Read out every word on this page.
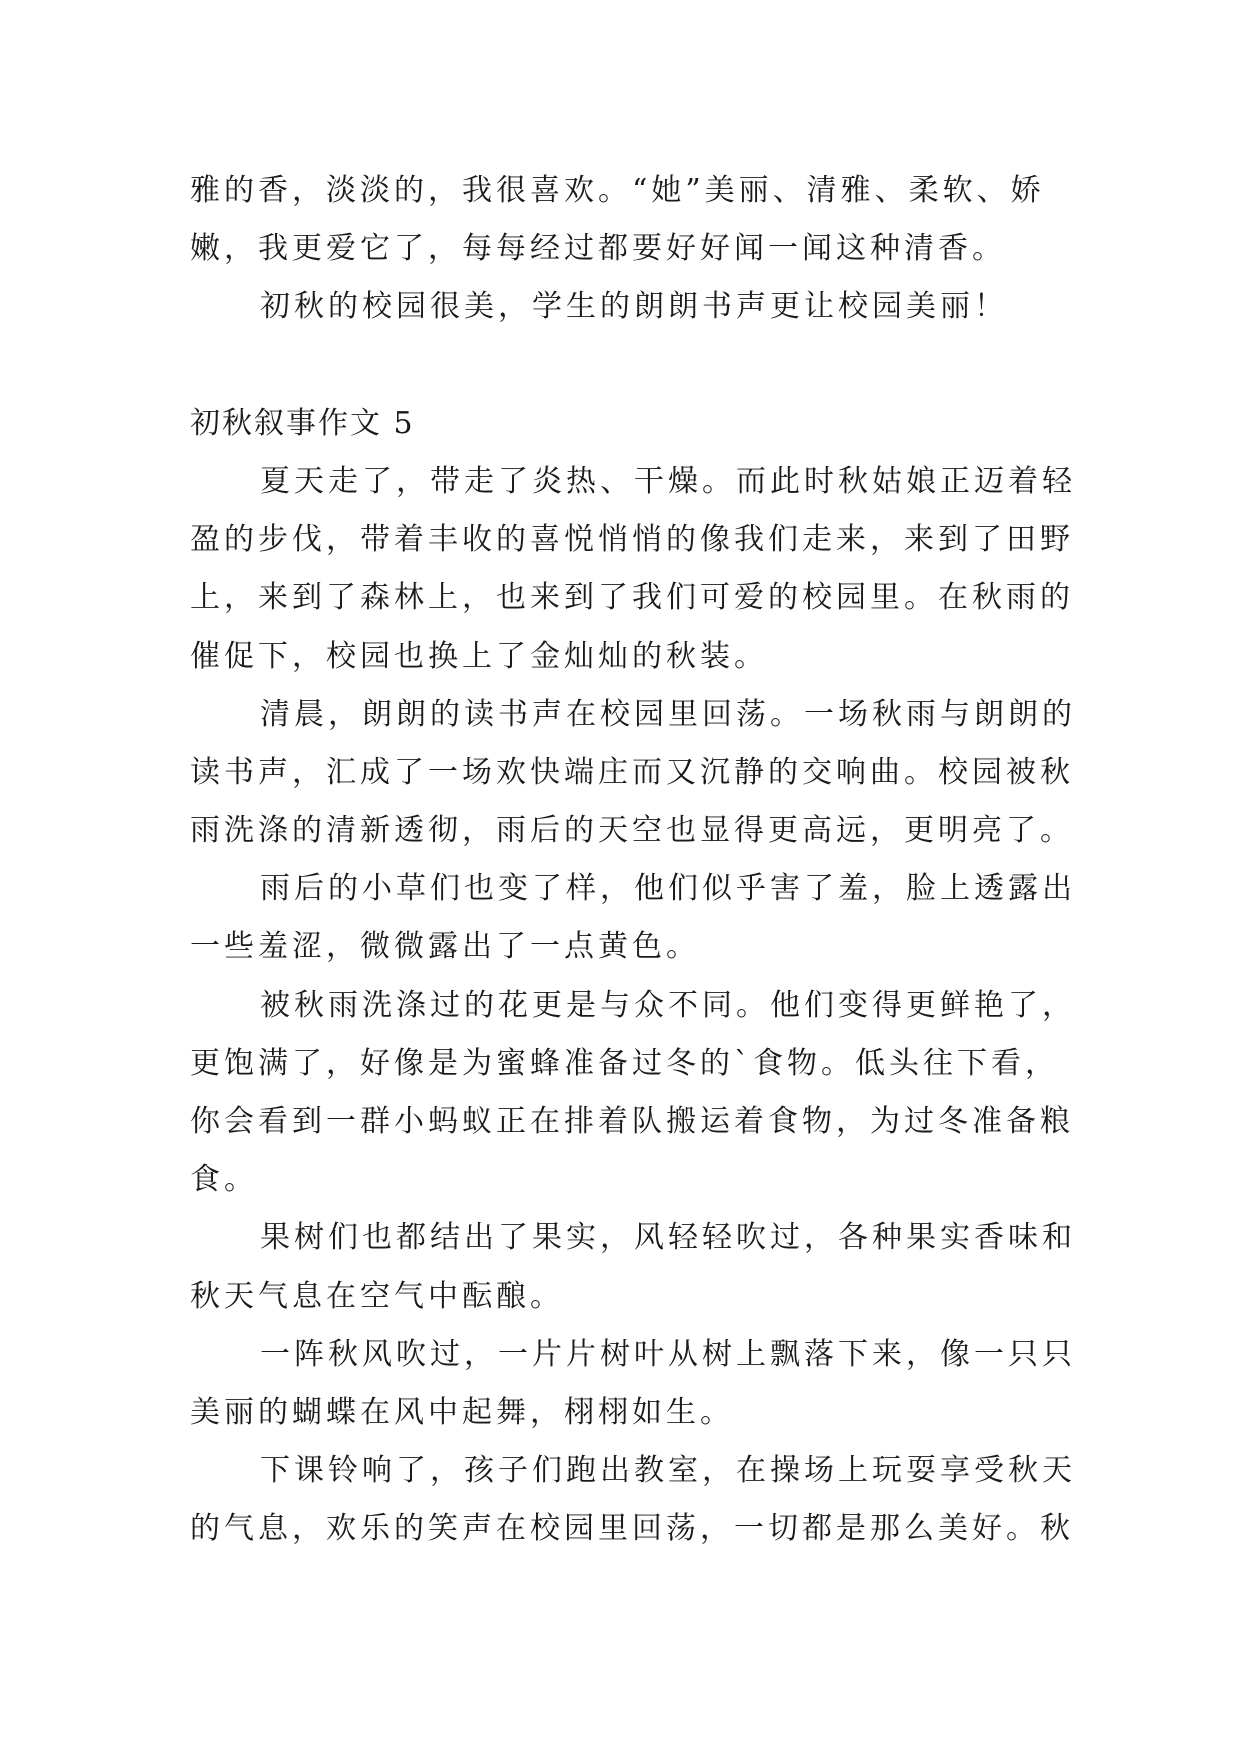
雅的香，淡淡的，我很喜欢。“她”美丽、清雅、柔软、娇
嫩，我更爱它了，每每经过都要好好闻一闻这种清香。
初秋的校园很美，学生的朗朗书声更让校园美丽！
初秋叙事作文 5
夏天走了，带走了炎热、干燥。而此时秋姑娘正迈着轻
盈的步伐，带着丰收的喜悦悄悄的像我们走来，来到了田野
上，来到了森林上，也来到了我们可爱的校园里。在秋雨的
催促下，校园也换上了金灿灿的秋装。
清晨，朗朗的读书声在校园里回荡。一场秋雨与朗朗的
读书声，汇成了一场欢快端庄而又沉静的交响曲。校园被秋
雨洗涤的清新透彻，雨后的天空也显得更高远，更明亮了。
雨后的小草们也变了样，他们似乎害了羞，脸上透露出
一些羞涩，微微露出了一点黄色。
被秋雨洗涤过的花更是与众不同。他们变得更鲜艳了，
更饱满了，好像是为蜜蜂准备过冬的`食物。低头往下看，
你会看到一群小蚂蚁正在排着队搬运着食物，为过冬准备粮
食。
果树们也都结出了果实，风轻轻吹过，各种果实香味和
秋天气息在空气中酝酿。
一阵秋风吹过，一片片树叶从树上飘落下来，像一只只
美丽的蝴蝶在风中起舞，栩栩如生。
下课铃响了，孩子们跑出教室，在操场上玩耍享受秋天
的气息，欢乐的笑声在校园里回荡，一切都是那么美好。秋
